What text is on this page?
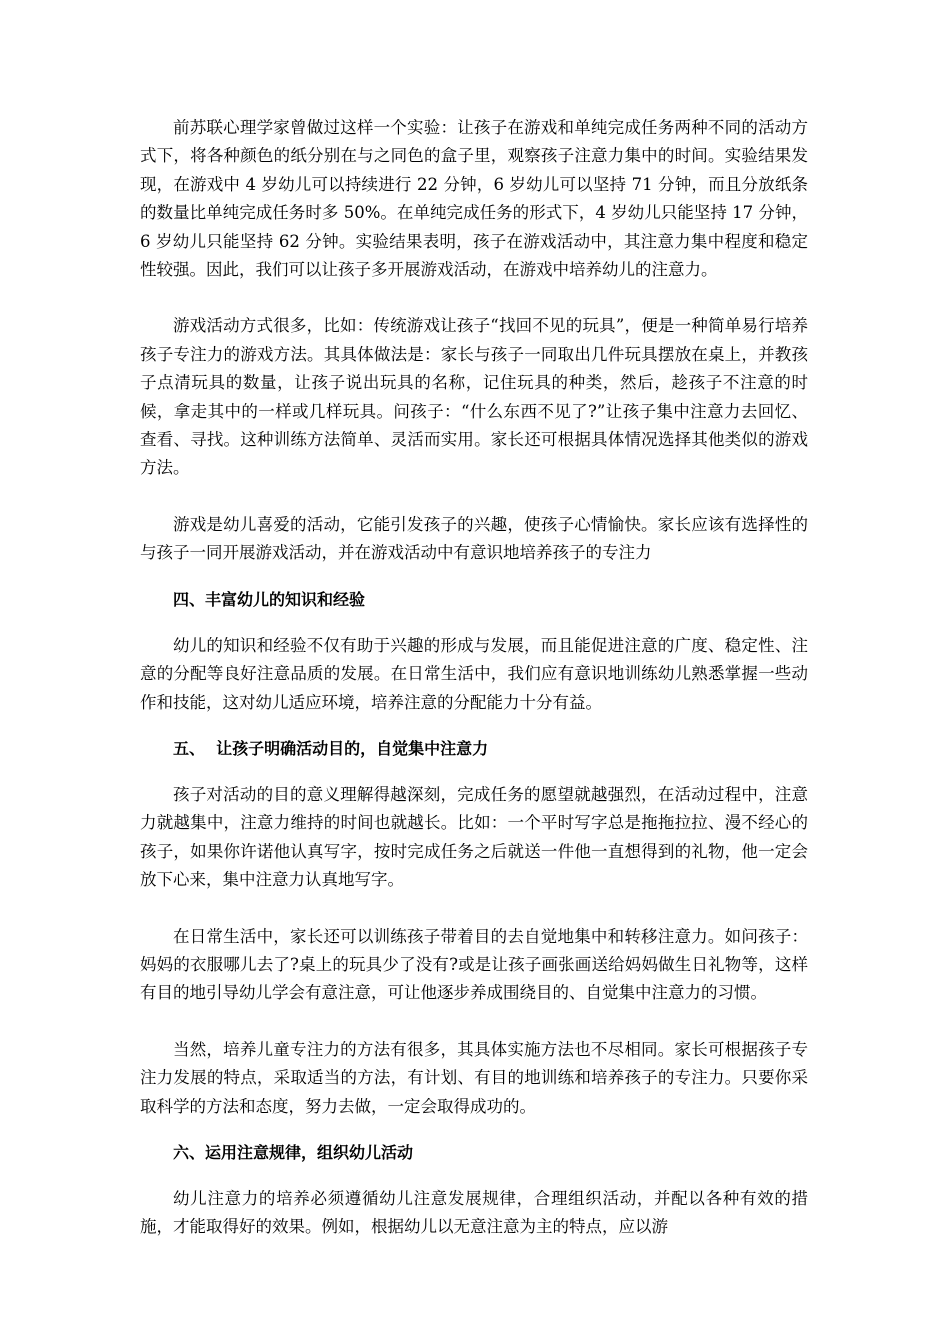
前苏联心理学家曾做过这样一个实验：让孩子在游戏和单纯完成任务两种不同的活动方式下，将各种颜色的纸分别在与之同色的盒子里，观察孩子注意力集中的时间。实验结果发现，在游戏中 4 岁幼儿可以持续进行 22 分钟，6 岁幼儿可以坚持 71 分钟，而且分放纸条的数量比单纯完成任务时多 50%。在单纯完成任务的形式下，4 岁幼儿只能坚持 17 分钟，6 岁幼儿只能坚持 62 分钟。实验结果表明，孩子在游戏活动中，其注意力集中程度和稳定性较强。因此，我们可以让孩子多开展游戏活动，在游戏中培养幼儿的注意力。

游戏活动方式很多，比如：传统游戏让孩子“找回不见的玩具”，便是一种简单易行培养孩子专注力的游戏方法。其具体做法是：家长与孩子一同取出几件玩具摆放在桌上，并教孩子点清玩具的数量，让孩子说出玩具的名称，记住玩具的种类，然后，趁孩子不注意的时候，拿走其中的一样或几样玩具。问孩子：“什么东西不见了?”让孩子集中注意力去回忆、查看、寻找。这种训练方法简单、灵活而实用。家长还可根据具体情况选择其他类似的游戏方法。

游戏是幼儿喜爱的活动，它能引发孩子的兴趣，使孩子心情愉快。家长应该有选择性的与孩子一同开展游戏活动，并在游戏活动中有意识地培养孩子的专注力

四、丰富幼儿的知识和经验

幼儿的知识和经验不仅有助于兴趣的形成与发展，而且能促进注意的广度、稳定性、注意的分配等良好注意品质的发展。在日常生活中，我们应有意识地训练幼儿熟悉掌握一些动作和技能，这对幼儿适应环境，培养注意的分配能力十分有益。

五、  让孩子明确活动目的，自觉集中注意力

孩子对活动的目的意义理解得越深刻，完成任务的愿望就越强烈，在活动过程中，注意力就越集中，注意力维持的时间也就越长。比如：一个平时写字总是拖拖拉拉、漫不经心的孩子，如果你许诺他认真写字，按时完成任务之后就送一件他一直想得到的礼物，他一定会放下心来，集中注意力认真地写字。

在日常生活中，家长还可以训练孩子带着目的去自觉地集中和转移注意力。如问孩子：妈妈的衣服哪儿去了?桌上的玩具少了没有?或是让孩子画张画送给妈妈做生日礼物等，这样有目的地引导幼儿学会有意注意，可让他逐步养成围绕目的、自觉集中注意力的习惯。

当然，培养儿童专注力的方法有很多，其具体实施方法也不尽相同。家长可根据孩子专注力发展的特点，采取适当的方法，有计划、有目的地训练和培养孩子的专注力。只要你采取科学的方法和态度，努力去做，一定会取得成功的。

六、运用注意规律，组织幼儿活动

幼儿注意力的培养必须遵循幼儿注意发展规律，合理组织活动，并配以各种有效的措施，才能取得好的效果。例如，根据幼儿以无意注意为主的特点，应以游
